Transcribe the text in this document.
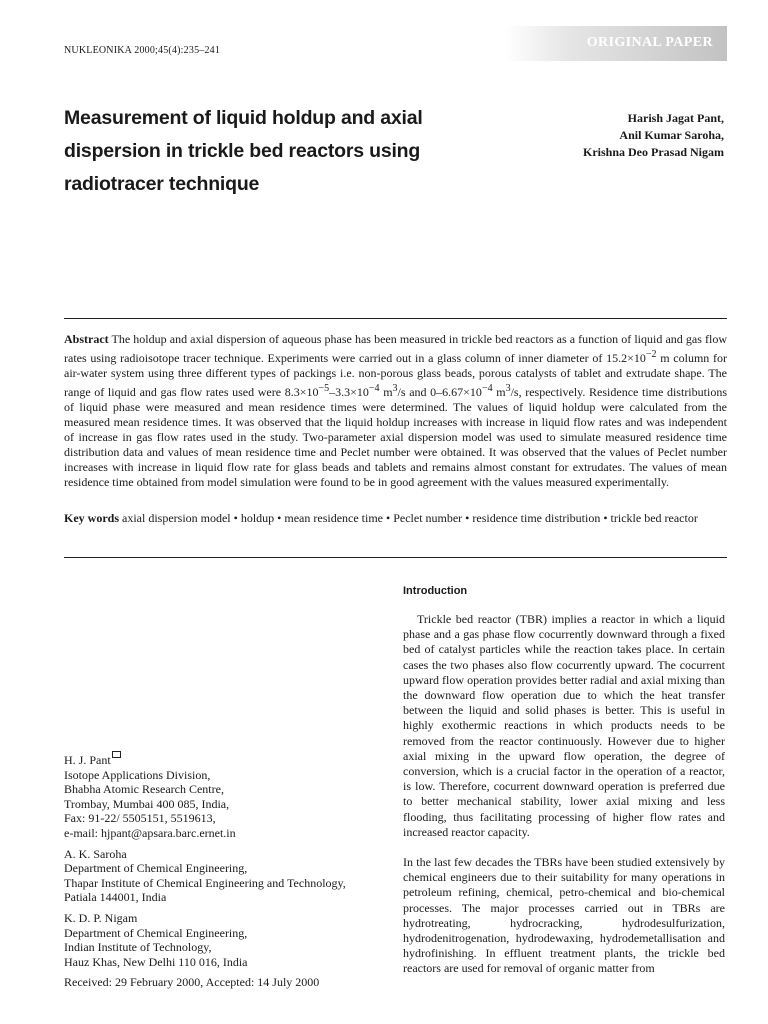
NUKLEONIKA 2000;45(4):235–241
ORIGINAL PAPER
Measurement of liquid holdup and axial dispersion in trickle bed reactors using radiotracer technique
Harish Jagat Pant,
Anil Kumar Saroha,
Krishna Deo Prasad Nigam

Abstract The holdup and axial dispersion of aqueous phase has been measured in trickle bed reactors as a function of liquid and gas flow rates using radioisotope tracer technique. Experiments were carried out in a glass column of inner diameter of $15.2\times 10^{-2}$ m column for air-water system using three different types of packings i.e. non-porous glass beads, porous catalysts of tablet and extrudate shape. The range of liquid and gas flow rates used were $8.3\times 10^{-5}-3.3\times 10^{-4}$ $m^3/s$ and $0-6.67\times 10^{-4}$ $m^3/s$, respectively. Residence time distributions of liquid phase were measured and mean residence times were determined. The values of liquid holdup were calculated from the measured mean residence times. It was observed that the liquid holdup increases with increase in liquid flow rates and was independent of increase in gas flow rates used in the study. Two-parameter axial dispersion model was used to simulate measured residence time distribution data and values of mean residence time and Peclet number were obtained. It was observed that the values of Peclet number increases with increase in liquid flow rate for glass beads and tablets and remains almost constant for extrudates. The values of mean residence time obtained from model simulation were found to be in good agreement with the values measured experimentally.

Key words axial dispersion model • holdup • mean residence time • Peclet number • residence time distribution • trickle bed reactor

H. J. Pant
Isotope Applications Division,
Bhabha Atomic Research Centre,
Trombay, Mumbai 400 085, India,
Fax: 91-22/ 5505151, 5519613,
e-mail: hjpant@apsara.barc.ernet.in
A. K. Saroha
Department of Chemical Engineering,
Thapar Institute of Chemical Engineering and Technology,
Patiala 144001, India
K. D. P. Nigam
Department of Chemical Engineering,
Indian Institute of Technology,
Hauz Khas, New Delhi 110 016, India
Received: 29 February 2000, Accepted: 14 July 2000
Introduction

Trickle bed reactor (TBR) implies a reactor in which a liquid phase and a gas phase flow cocurrently downward through a fixed bed of catalyst particles while the reaction takes place. In certain cases the two phases also flow cocurrently upward. The cocurrent upward flow operation provides better radial and axial mixing than the downward flow operation due to which the heat transfer between the liquid and solid phases is better. This is useful in highly exothermic reactions in which products needs to be removed from the reactor continuously. However due to higher axial mixing in the upward flow operation, the degree of conversion, which is a crucial factor in the operation of a reactor, is low. Therefore, cocurrent downward operation is preferred due to better mechanical stability, lower axial mixing and less flooding, thus facilitating processing of higher flow rates and increased reactor capacity.

In the last few decades the TBRs have been studied extensively by chemical engineers due to their suitability for many operations in petroleum refining, chemical, petro-chemical and bio-chemical processes. The major processes carried out in TBRs are hydrotreating, hydrocracking, hydrodesulfurization, hydrodenitrogenation, hydrodewaxing, hydrodemetallisation and hydrofinishing. In effluent treatment plants, the trickle bed reactors are used for removal of organic matter from
